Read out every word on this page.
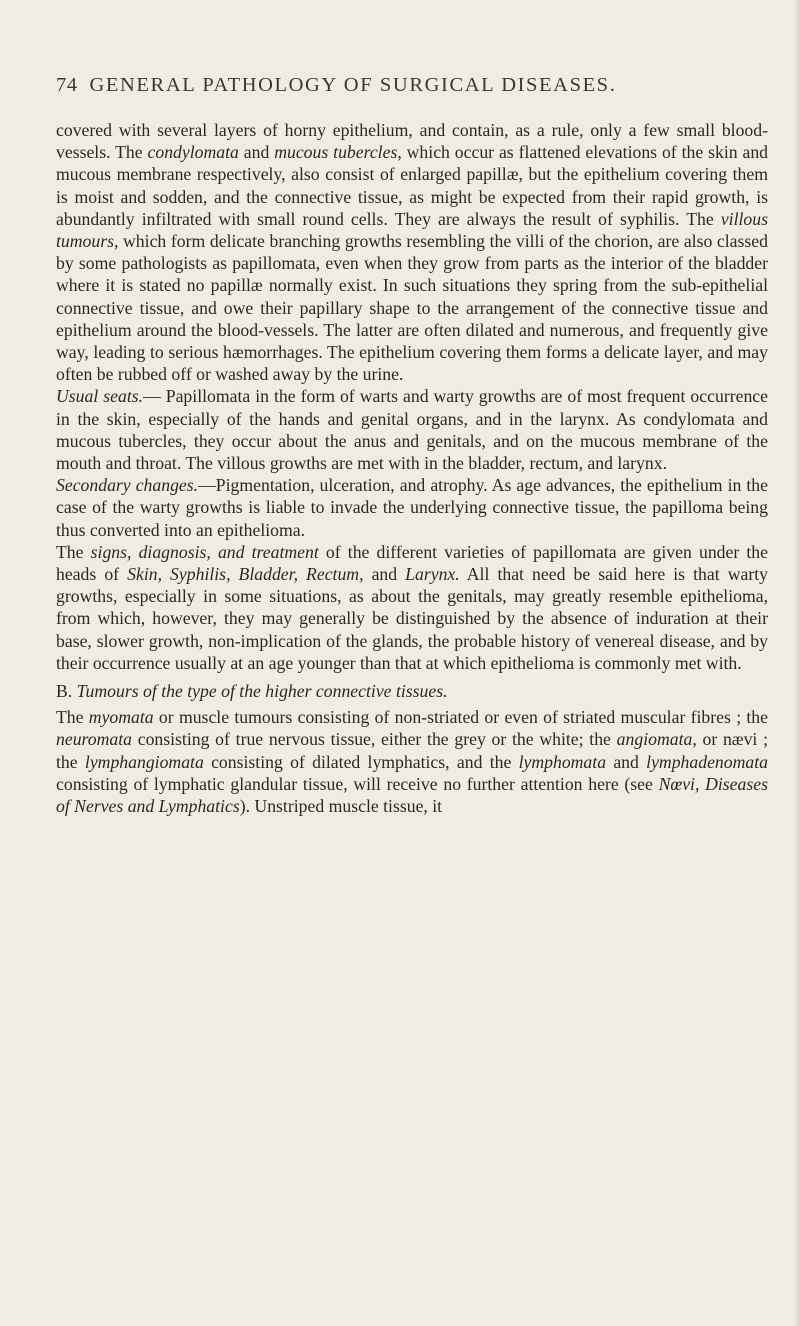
74 GENERAL PATHOLOGY OF SURGICAL DISEASES.

covered with several layers of horny epithelium, and contain, as a rule, only a few small blood-vessels. The condylomata and mucous tubercles, which occur as flattened elevations of the skin and mucous membrane respectively, also consist of enlarged papillæ, but the epithelium covering them is moist and sodden, and the connective tissue, as might be expected from their rapid growth, is abundantly infiltrated with small round cells. They are always the result of syphilis. The villous tumours, which form delicate branching growths resembling the villi of the chorion, are also classed by some pathologists as papillomata, even when they grow from parts as the interior of the bladder where it is stated no papillæ normally exist. In such situations they spring from the sub-epithelial connective tissue, and owe their papillary shape to the arrangement of the connective tissue and epithelium around the blood-vessels. The latter are often dilated and numerous, and frequently give way, leading to serious hæmorrhages. The epithelium covering them forms a delicate layer, and may often be rubbed off or washed away by the urine.

Usual seats.— Papillomata in the form of warts and warty growths are of most frequent occurrence in the skin, especially of the hands and genital organs, and in the larynx. As condylomata and mucous tubercles, they occur about the anus and genitals, and on the mucous membrane of the mouth and throat. The villous growths are met with in the bladder, rectum, and larynx.

Secondary changes.—Pigmentation, ulceration, and atrophy. As age advances, the epithelium in the case of the warty growths is liable to invade the underlying connective tissue, the papilloma being thus converted into an epithelioma.

The signs, diagnosis, and treatment of the different varieties of papillomata are given under the heads of Skin, Syphilis, Bladder, Rectum, and Larynx. All that need be said here is that warty growths, especially in some situations, as about the genitals, may greatly resemble epithelioma, from which, however, they may generally be distinguished by the absence of induration at their base, slower growth, non-implication of the glands, the probable history of venereal disease, and by their occurrence usually at an age younger than that at which epithelioma is commonly met with.

B. Tumours of the type of the higher connective tissues.

The myomata or muscle tumours consisting of non-striated or even of striated muscular fibres ; the neuromata consisting of true nervous tissue, either the grey or the white; the angiomata, or nævi ; the lymphangiomata consisting of dilated lymphatics, and the lymphomata and lymphadenomata consisting of lymphatic glandular tissue, will receive no further attention here (see Nœvi, Diseases of Nerves and Lymphatics). Unstriped muscle tissue, it
